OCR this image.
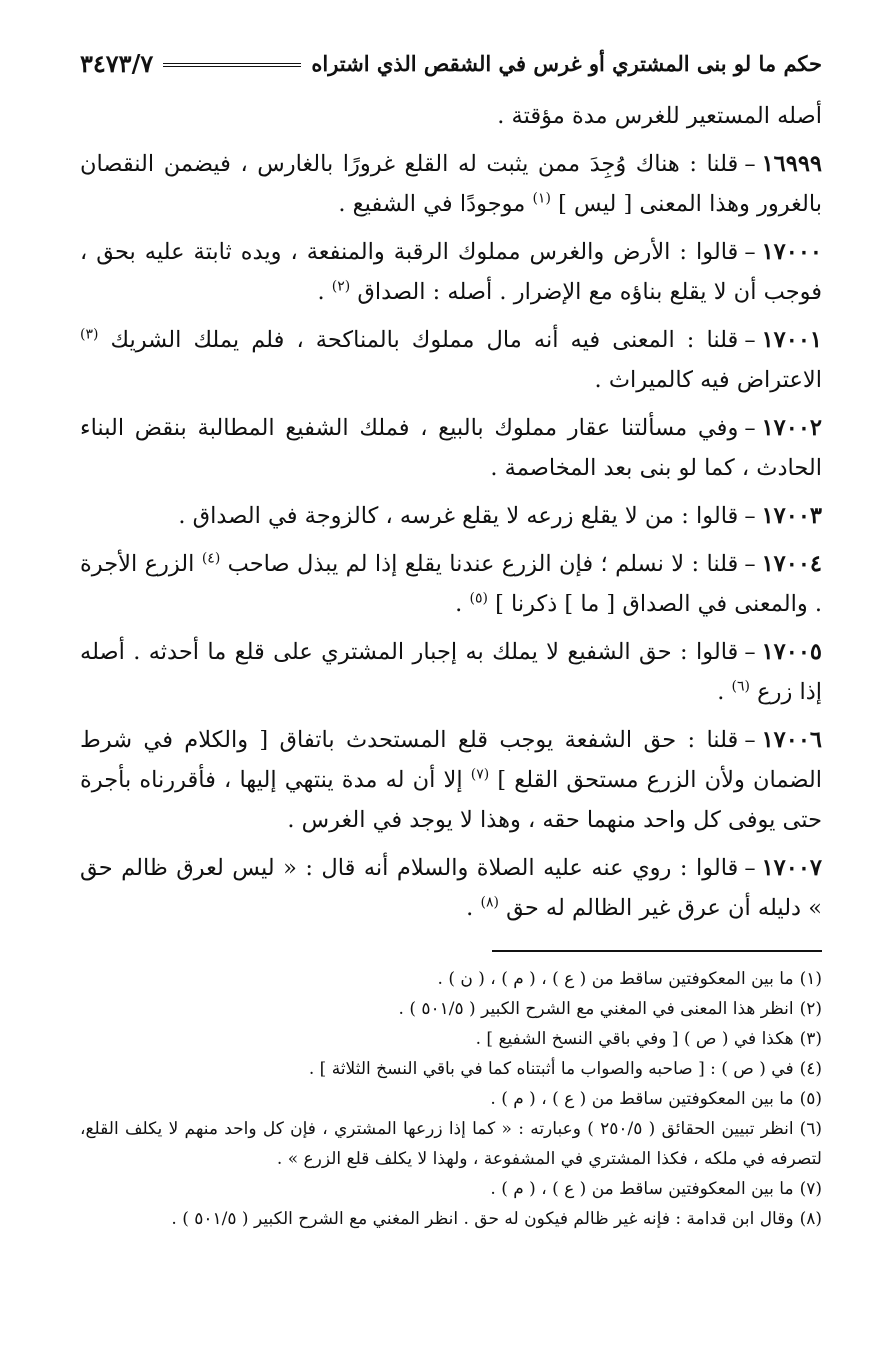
حكم ما لو بنى المشتري أو غرس في الشقص الذي اشتراه
٣٤٧٣/٧

أصله المستعير للغرس مدة مؤقتة .

١٦٩٩٩–قلنا : هناك وُجِدَ ممن يثبت له القلع غرورًا بالغارس ، فيضمن النقصان بالغرور وهذا المعنى [ ليس ] $^{(١)}$ موجودًا في الشفيع .

١٧٠٠٠–قالوا : الأرض والغرس مملوك الرقبة والمنفعة ، ويده ثابتة عليه بحق ، فوجب أن لا يقلع بناؤه مع الإضرار . أصله : الصداق $^{(٢)}$ .

١٧٠٠١–قلنا : المعنى فيه أنه مال مملوك بالمناكحة ، فلم يملك الشريك $^{(٣)}$ الاعتراض فيه كالميراث .

١٧٠٠٢–وفي مسألتنا عقار مملوك بالبيع ، فملك الشفيع المطالبة بنقض البناء الحادث ، كما لو بنى بعد المخاصمة .

١٧٠٠٣–قالوا : من لا يقلع زرعه لا يقلع غرسه ، كالزوجة في الصداق .

١٧٠٠٤–قلنا : لا نسلم ؛ فإن الزرع عندنا يقلع إذا لم يبذل صاحب $^{(٤)}$ الزرع الأجرة . والمعنى في الصداق [ ما ] ذكرنا ] $^{(٥)}$ .

١٧٠٠٥–قالوا : حق الشفيع لا يملك به إجبار المشتري على قلع ما أحدثه . أصله إذا زرع $^{(٦)}$ .

١٧٠٠٦–قلنا : حق الشفعة يوجب قلع المستحدث باتفاق [ والكلام في شرط الضمان ولأن الزرع مستحق القلع ] $^{(٧)}$ إلا أن له مدة ينتهي إليها ، فأقررناه بأجرة حتى يوفى كل واحد منهما حقه ، وهذا لا يوجد في الغرس .

١٧٠٠٧–قالوا : روي عنه عليه الصلاة والسلام أنه قال : « ليس لعرق ظالم حق » دليله أن عرق غير الظالم له حق $^{(٨)}$ .

(١)ما بين المعكوفتين ساقط من ( ع ) ، ( م ) ، ( ن ) .

(٢)انظر هذا المعنى في المغني مع الشرح الكبير ( ٥٠١/٥ ) .

(٣)هكذا في ( ص ) [ وفي باقي النسخ الشفيع ] .

(٤)في ( ص ) : [ صاحبه والصواب ما أثبتناه كما في باقي النسخ الثلاثة ] .

(٥)ما بين المعكوفتين ساقط من ( ع ) ، ( م ) .

(٦)انظر تبيين الحقائق ( ٢٥٠/٥ ) وعبارته : « كما إذا زرعها المشتري ، فإن كل واحد منهم لا يكلف القلع، لتصرفه في ملكه ، فكذا المشتري في المشفوعة ، ولهذا لا يكلف قلع الزرع » .

(٧)ما بين المعكوفتين ساقط من ( ع ) ، ( م ) .

(٨)وقال ابن قدامة : فإنه غير ظالم فيكون له حق . انظر المغني مع الشرح الكبير ( ٥٠١/٥ ) .
